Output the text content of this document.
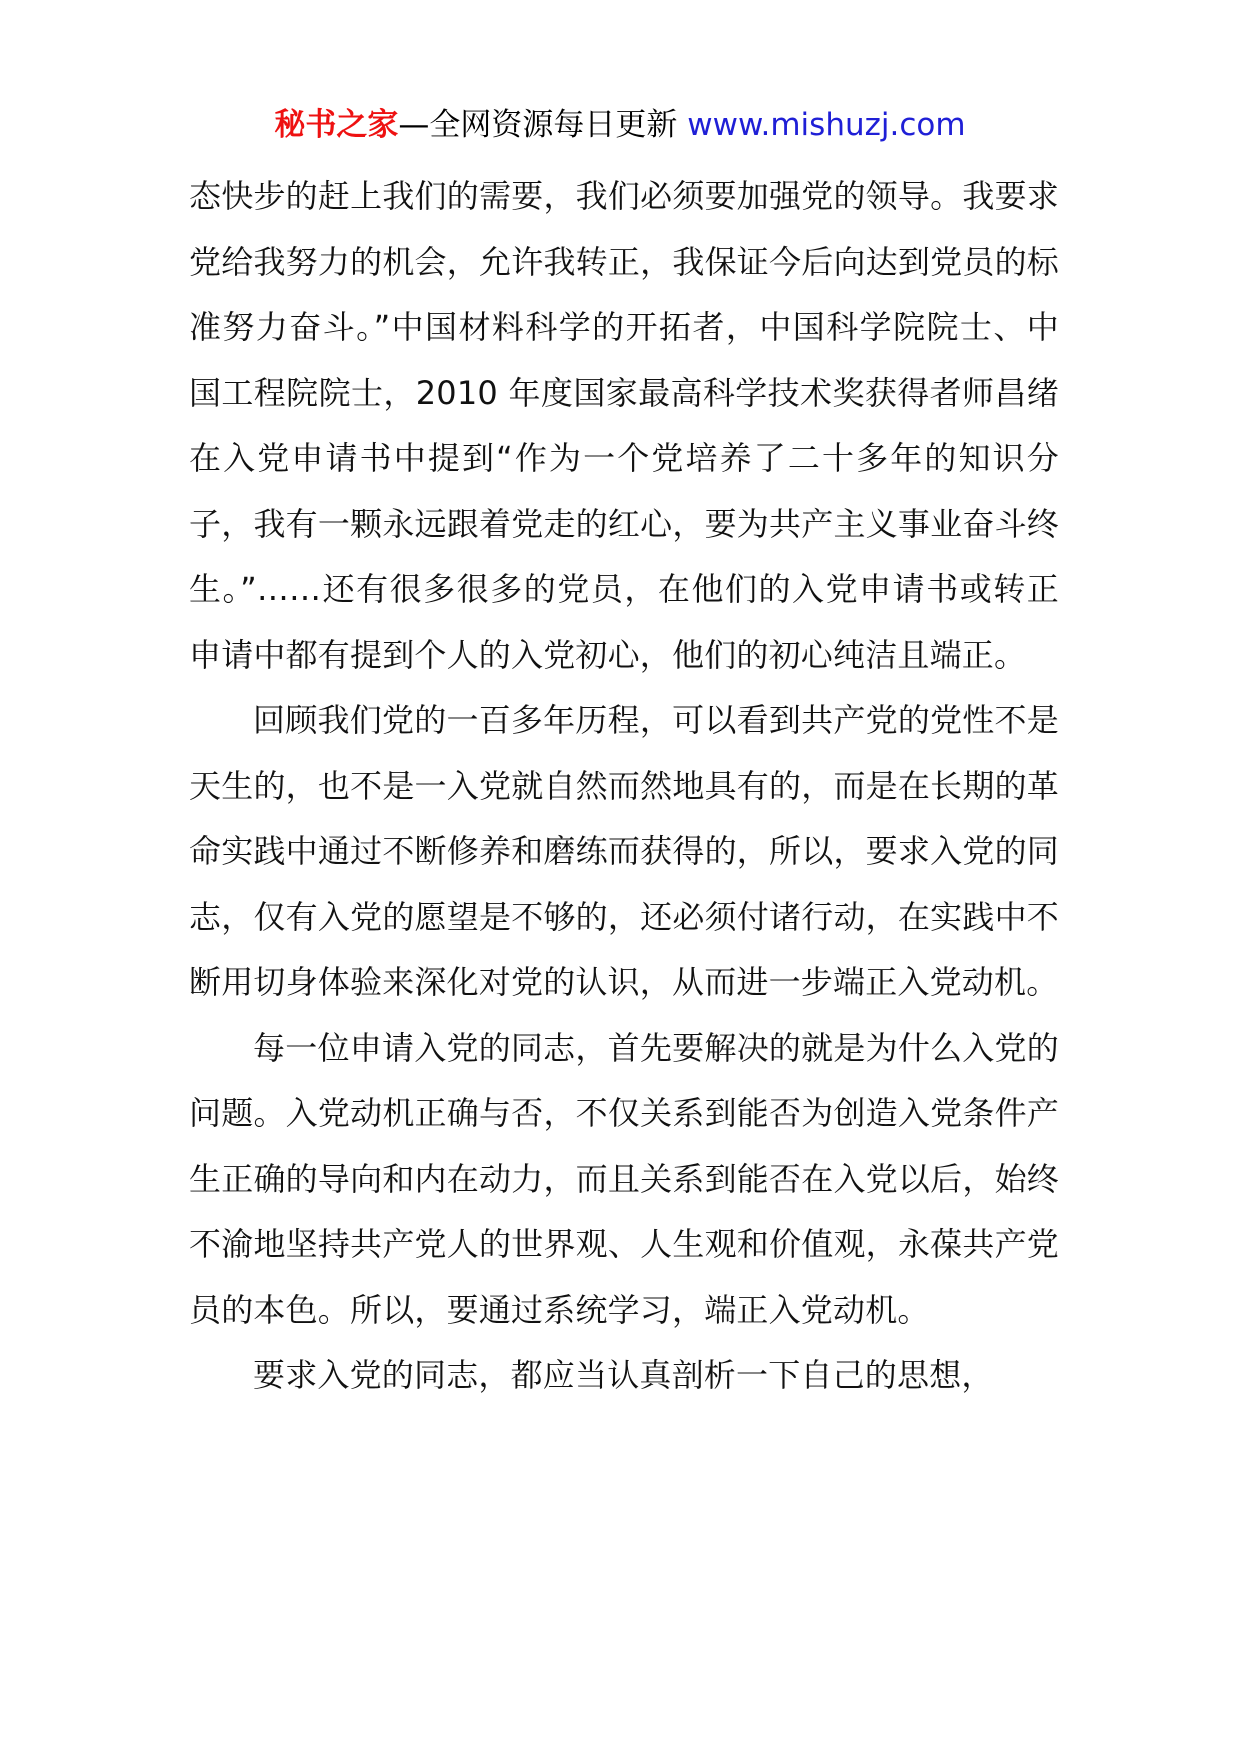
秘书之家—全网资源每日更新 www.mishuzj.com

态快步的赶上我们的需要，我们必须要加强党的领导。我要求党给我努力的机会，允许我转正，我保证今后向达到党员的标准努力奋斗。”中国材料科学的开拓者，中国科学院院士、中国工程院院士，2010 年度国家最高科学技术奖获得者师昌绪在入党申请书中提到“作为一个党培养了二十多年的知识分子，我有一颗永远跟着党走的红心，要为共产主义事业奋斗终生。”……还有很多很多的党员，在他们的入党申请书或转正申请中都有提到个人的入党初心，他们的初心纯洁且端正。

回顾我们党的一百多年历程，可以看到共产党的党性不是天生的，也不是一入党就自然而然地具有的，而是在长期的革命实践中通过不断修养和磨练而获得的，所以，要求入党的同志，仅有入党的愿望是不够的，还必须付诸行动，在实践中不断用切身体验来深化对党的认识，从而进一步端正入党动机。

每一位申请入党的同志，首先要解决的就是为什么入党的问题。入党动机正确与否，不仅关系到能否为创造入党条件产生正确的导向和内在动力，而且关系到能否在入党以后，始终不渝地坚持共产党人的世界观、人生观和价值观，永葆共产党员的本色。所以，要通过系统学习，端正入党动机。

要求入党的同志，都应当认真剖析一下自己的思想，
